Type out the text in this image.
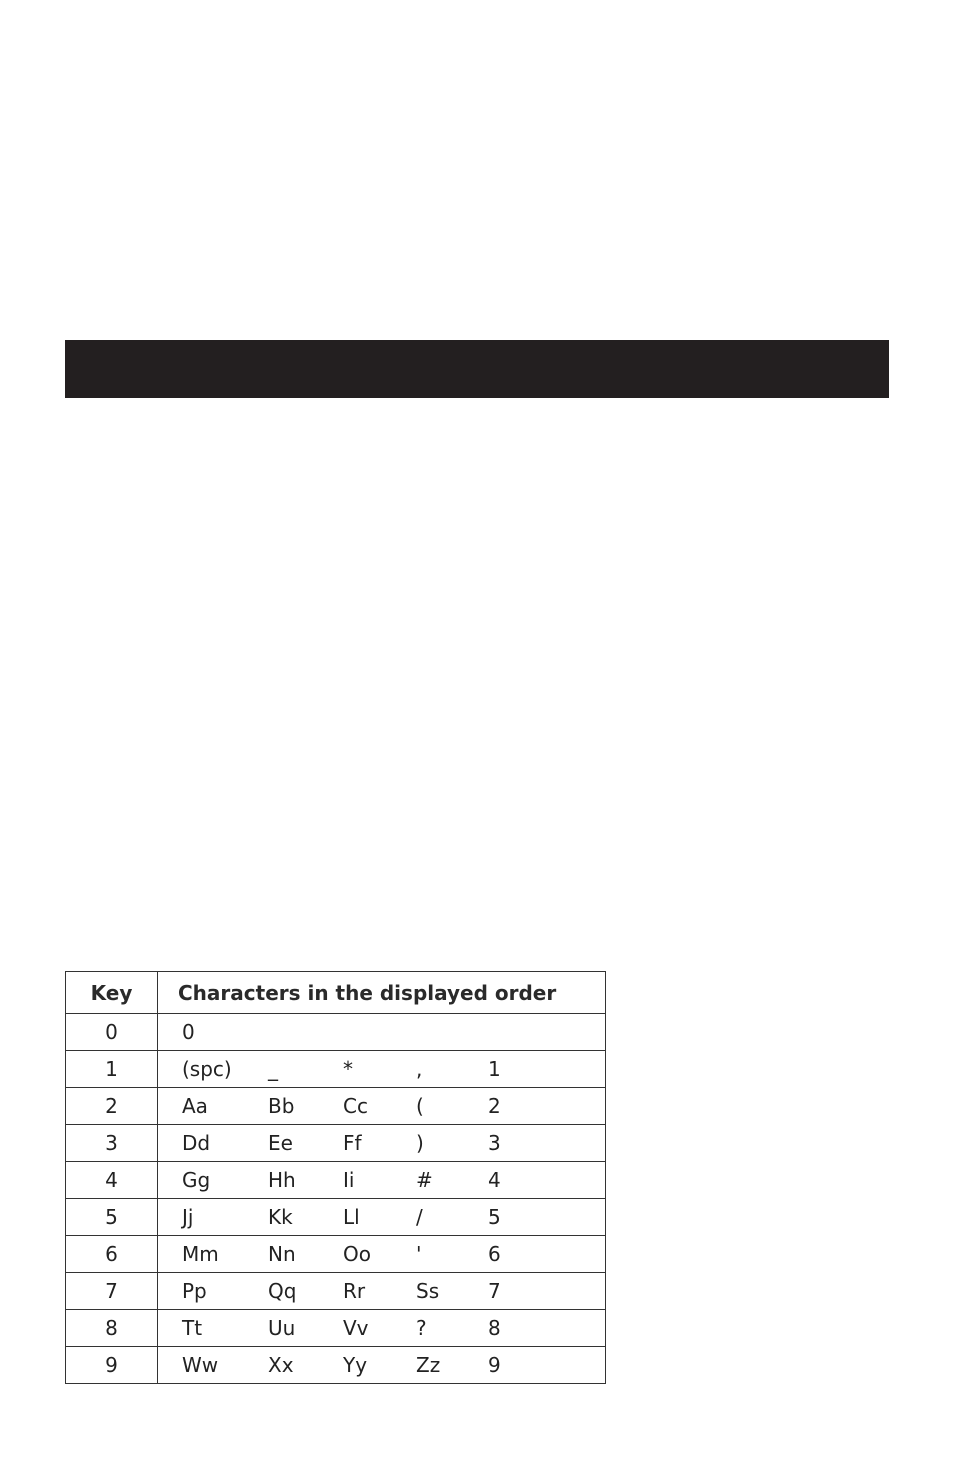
Key	Characters in the displayed order
0	0

1	(spc) _ * , 1

2	Aa Bb Cc ( 2

3	Dd Ee Ff ) 3

4	Gg Hh Ii # 4

5	Jj Kk Ll / 5

6	Mm Nn Oo ' 6

7	Pp Qq Rr Ss 7

8	Tt Uu Vv ? 8

9	Ww Xx Yy Zz 9
